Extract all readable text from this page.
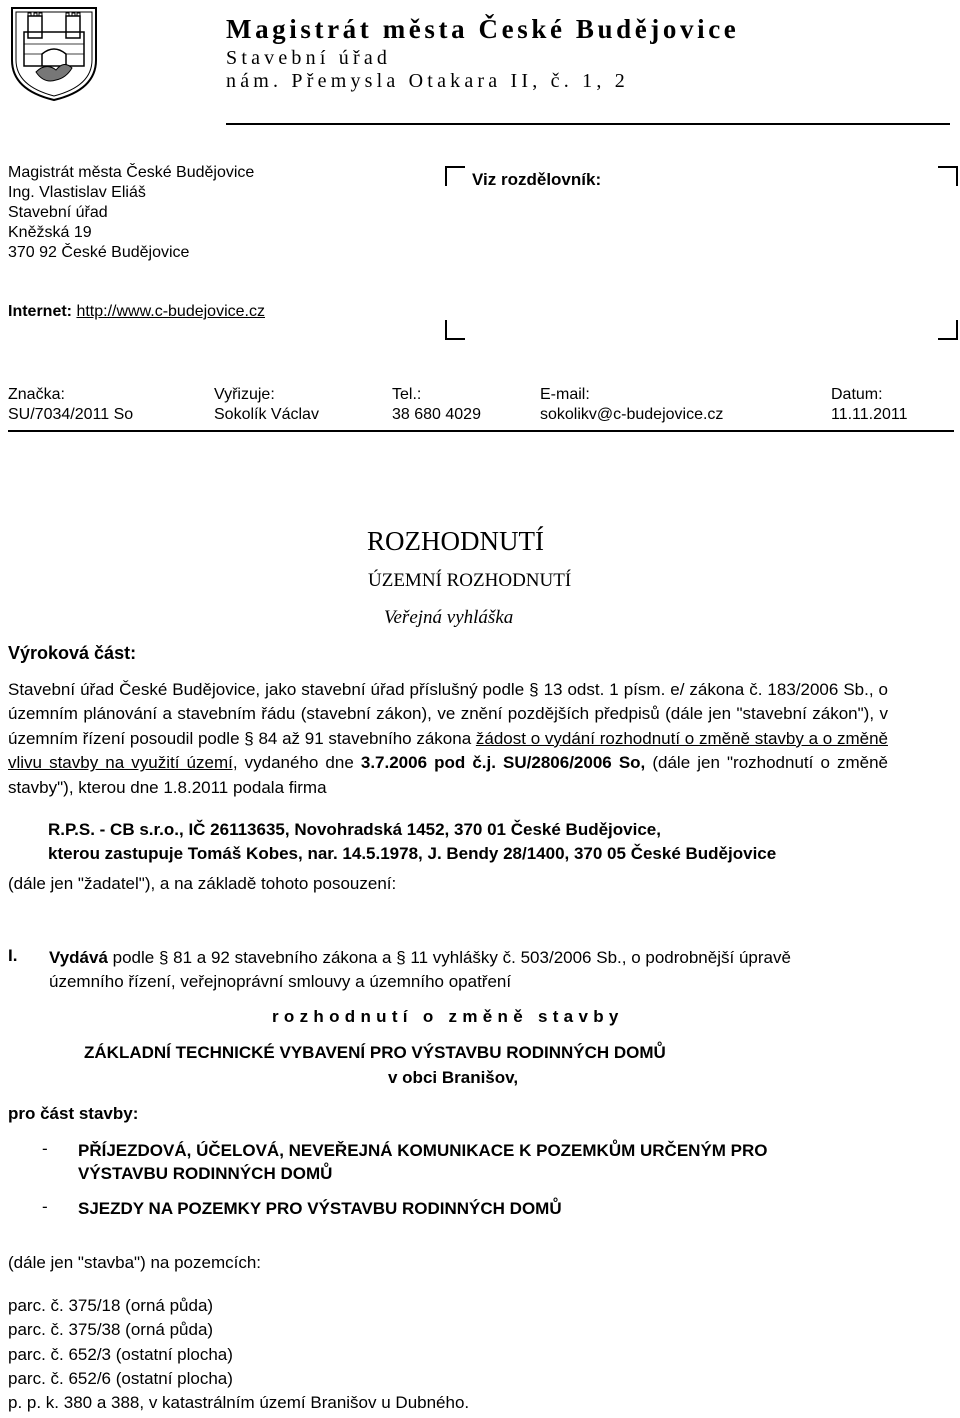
Magistrát města České Budějovice
Stavební úřad
nám. Přemysla Otakara II, č. 1, 2
Magistrát města České Budějovice
Ing. Vlastislav Eliáš
Stavební úřad
Kněžská 19
370 92 České Budějovice
Viz rozdělovník:
Internet: http://www.c-budejovice.cz
Značka:
SU/7034/2011 So
Vyřizuje:
Sokolík Václav
Tel.:
38 680 4029
E-mail:
sokolikv@c-budejovice.cz
Datum:
11.11.2011
ROZHODNUTÍ
ÚZEMNÍ ROZHODNUTÍ
Veřejná vyhláška
Výroková část:
Stavební úřad České Budějovice, jako stavební úřad příslušný podle § 13 odst. 1 písm. e/ zákona č. 183/2006 Sb., o územním plánování a stavebním řádu (stavební zákon), ve znění pozdějších předpisů (dále jen "stavební zákon"), v územním řízení posoudil podle § 84 až 91 stavebního zákona žádost o vydání rozhodnutí o změně stavby a o změně vlivu stavby na využití území, vydaného dne 3.7.2006 pod č.j. SU/2806/2006 So, (dále jen "rozhodnutí o změně stavby"), kterou dne 1.8.2011 podala firma
R.P.S. - CB s.r.o., IČ 26113635, Novohradská 1452, 370 01 České Budějovice,
kterou zastupuje Tomáš Kobes, nar. 14.5.1978, J. Bendy 28/1400, 370 05 České Budějovice
(dále jen "žadatel"), a na základě tohoto posouzení:
I. Vydává podle § 81 a 92 stavebního zákona a § 11 vyhlášky č. 503/2006 Sb., o podrobnější úpravě
územního řízení, veřejnoprávní smlouvy a územního opatření
rozhodnutí o změně stavby
ZÁKLADNÍ TECHNICKÉ VYBAVENÍ PRO VÝSTAVBU RODINNÝCH DOMŮ
v obci Branišov,
pro část stavby:
- PŘÍJEZDOVÁ, ÚČELOVÁ, NEVEŘEJNÁ KOMUNIKACE K POZEMKŮM URČENÝM PRO
VÝSTAVBU RODINNÝCH DOMŮ
- SJEZDY NA POZEMKY PRO VÝSTAVBU RODINNÝCH DOMŮ
(dále jen "stavba") na pozemcích:
parc. č. 375/18 (orná půda)
parc. č. 375/38 (orná půda)
parc. č. 652/3 (ostatní plocha)
parc. č. 652/6 (ostatní plocha)
p. p. k. 380 a 388, v katastrálním území Branišov u Dubného.
